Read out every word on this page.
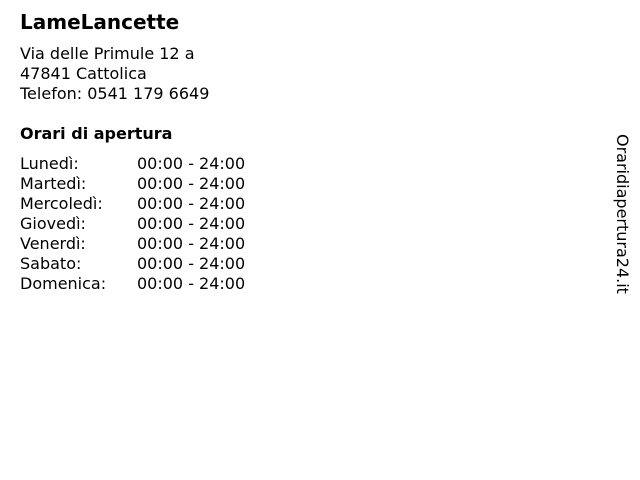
LameLancette
Via delle Primule 12 a
47841 Cattolica
Telefon: 0541 179 6649
Orari di apertura
Lunedì:	00:00 - 24:00
Martedì:	00:00 - 24:00
Mercoledì:	00:00 - 24:00
Giovedì:	00:00 - 24:00
Venerdì:	00:00 - 24:00
Sabato:	00:00 - 24:00
Domenica:	00:00 - 24:00	Oraridiapertura24.it
